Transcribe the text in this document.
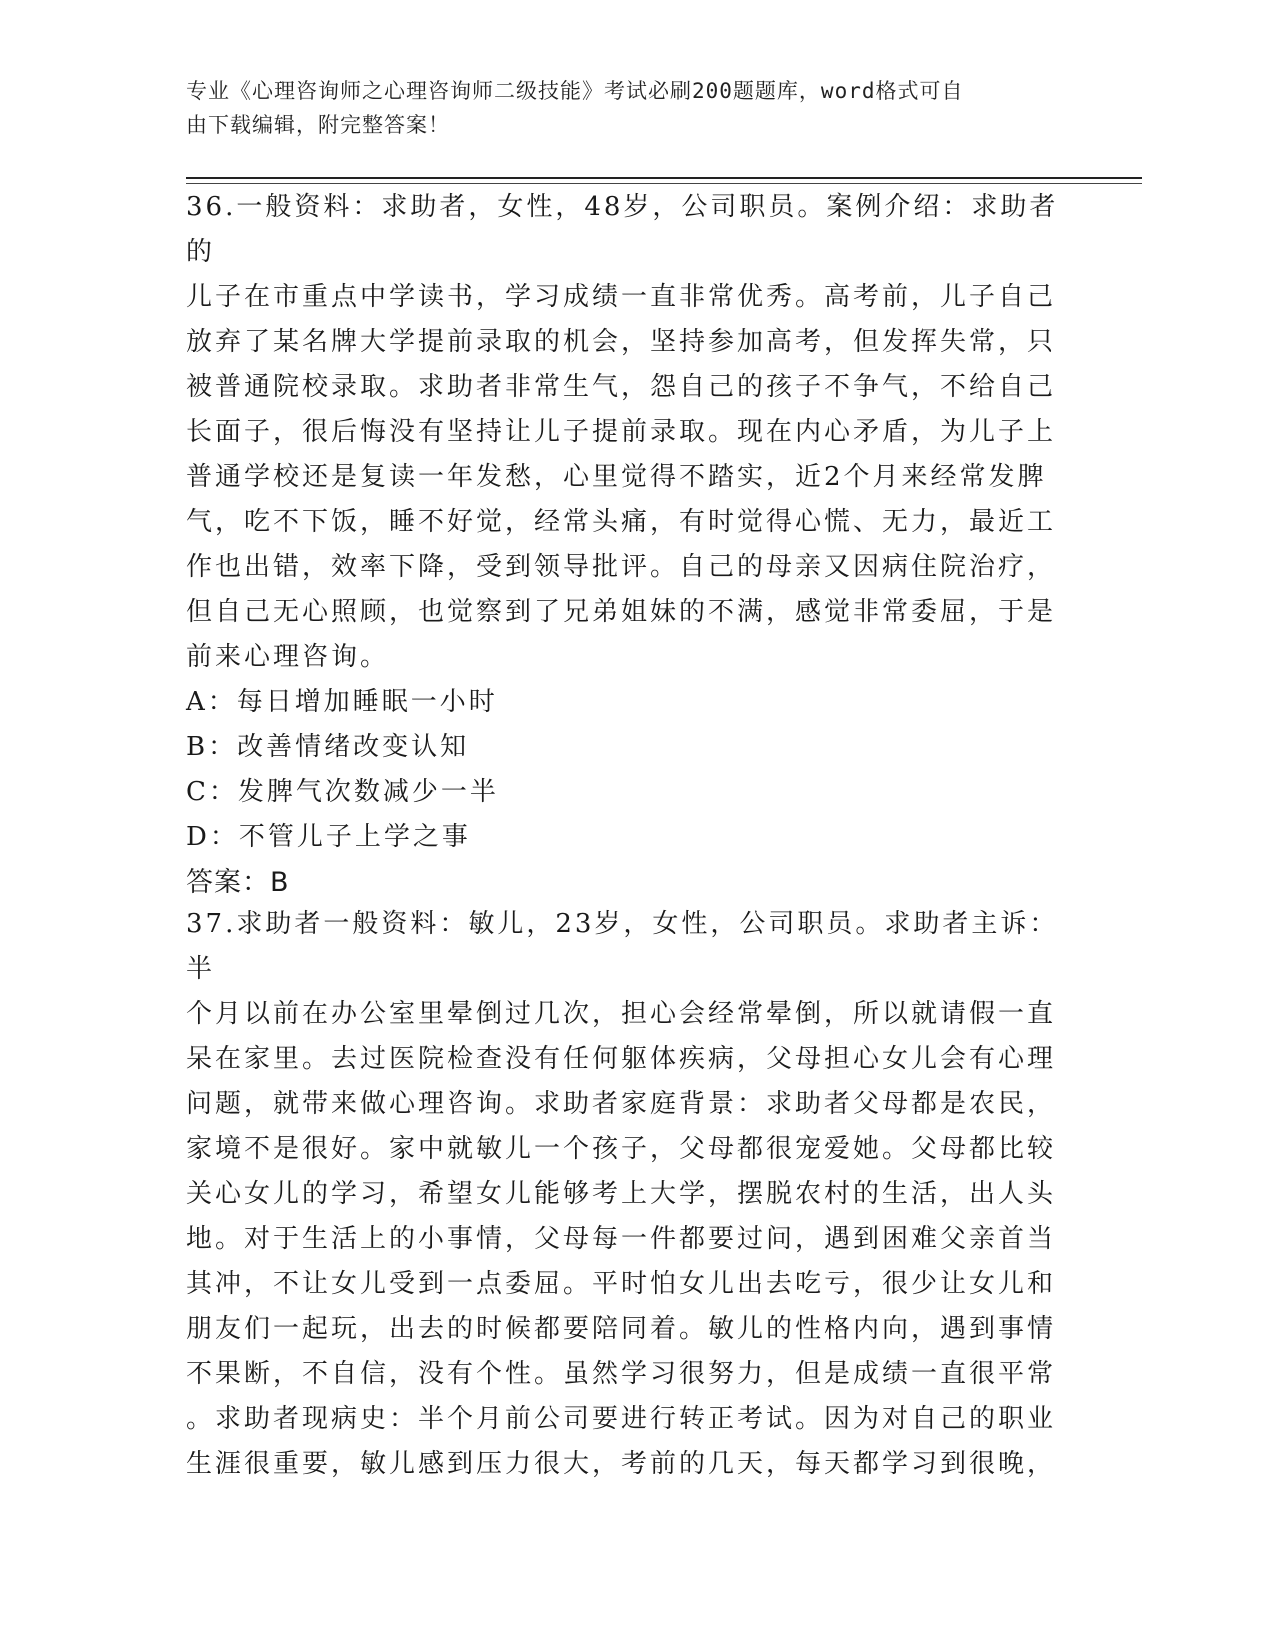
专业《心理咨询师之心理咨询师二级技能》考试必刷200题题库，word格式可自
由下载编辑，附完整答案！

36.一般资料：求助者，女性，48岁，公司职员。案例介绍：求助者的

儿子在市重点中学读书，学习成绩一直非常优秀。高考前，儿子自己

放弃了某名牌大学提前录取的机会，坚持参加高考，但发挥失常，只

被普通院校录取。求助者非常生气，怨自己的孩子不争气，不给自己

长面子，很后悔没有坚持让儿子提前录取。现在内心矛盾，为儿子上

普通学校还是复读一年发愁，心里觉得不踏实，近2个月来经常发脾

气，吃不下饭，睡不好觉，经常头痛，有时觉得心慌、无力，最近工

作也出错，效率下降，受到领导批评。自己的母亲又因病住院治疗，

但自己无心照顾，也觉察到了兄弟姐妹的不满，感觉非常委屈，于是

前来心理咨询。

A：每日增加睡眠一小时

B：改善情绪改变认知

C：发脾气次数减少一半

D：不管儿子上学之事

答案：B

37.求助者一般资料：敏儿，23岁，女性，公司职员。求助者主诉：半

个月以前在办公室里晕倒过几次，担心会经常晕倒，所以就请假一直

呆在家里。去过医院检查没有任何躯体疾病，父母担心女儿会有心理

问题，就带来做心理咨询。求助者家庭背景：求助者父母都是农民，

家境不是很好。家中就敏儿一个孩子，父母都很宠爱她。父母都比较

关心女儿的学习，希望女儿能够考上大学，摆脱农村的生活，出人头

地。对于生活上的小事情，父母每一件都要过问，遇到困难父亲首当

其冲，不让女儿受到一点委屈。平时怕女儿出去吃亏，很少让女儿和

朋友们一起玩，出去的时候都要陪同着。敏儿的性格内向，遇到事情

不果断，不自信，没有个性。虽然学习很努力，但是成绩一直很平常

。求助者现病史：半个月前公司要进行转正考试。因为对自己的职业

生涯很重要，敏儿感到压力很大，考前的几天，每天都学习到很晚，
